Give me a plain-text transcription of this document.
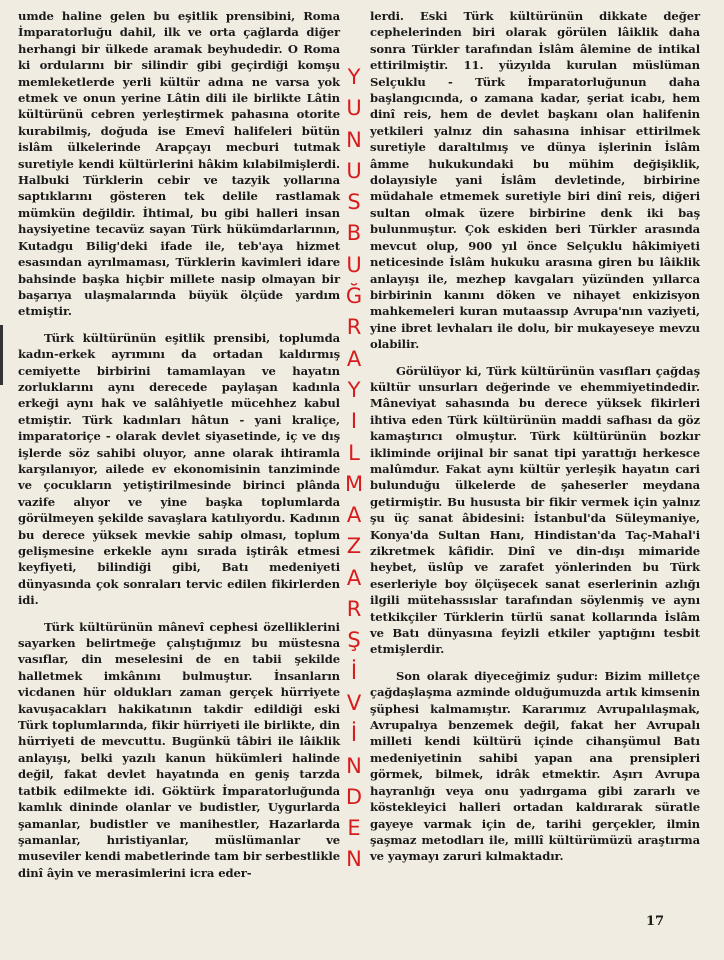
umde haline gelen bu eşitlik prensibini, Roma İmparatorluğu dahil, ilk ve orta çağlarda diğer herhangi bir ülkede aramak beyhudedir. O Roma ki ordularını bir silindir gibi geçirdiği komşu memleketlerde yerli kültür adına ne varsa yok etmek ve onun yerine Lâtin dili ile birlikte Lâtin kültürünü cebren yerleştirmek pahasına otorite kurabilmiş, doğuda ise Emevî halifeleri bütün islâm ülkelerinde Arapçayı mecburi tutmak suretiyle kendi kültürlerini hâkim kılabilmişlerdi. Halbuki Türklerin cebir ve tazyik yollarına saptıklarını gösteren tek delile rastlamak mümkün değildir. İhtimal, bu gibi halleri insan haysiyetine tecavüz sayan Türk hükümdarlarının, Kutadgu Bilig'deki ifade ile, teb'aya hizmet esasından ayrılmaması, Türklerin kavimleri idare bahsinde başka hiçbir millete nasip olmayan bir başarıya ulaşmalarında büyük ölçüde yardım etmiştir.

Türk kültürünün eşitlik prensibi, toplumda kadın-erkek ayrımını da ortadan kaldırmış cemiyette birbirini tamamlayan ve hayatın zorluklarını aynı derecede paylaşan kadınla erkeği aynı hak ve salâhiyetle mücehhez kabul etmiştir. Türk kadınları hâtun - yani kraliçe, imparatoriçe - olarak devlet siyasetinde, iç ve dış işlerde söz sahibi oluyor, anne olarak ihtiramla karşılanıyor, ailede ev ekonomisinin tanziminde ve çocukların yetiştirilmesinde birinci plânda vazife alıyor ve yine başka toplumlarda görülmeyen şekilde savaşlara katılıyordu. Kadının bu derece yüksek mevkie sahip olması, toplum gelişmesine erkekle aynı sırada iştirâk etmesi keyfiyeti, bilindiği gibi, Batı medeniyeti dünyasında çok sonraları tervic edilen fikirlerden idi.

Türk kültürünün mânevî cephesi özelliklerini sayarken belirtmeğe çalıştığımız bu müstesna vasıflar, din meselesini de en tabii şekilde halletmek imkânını bulmuştur. İnsanların vicdanen hür oldukları zaman gerçek hürriyete kavuşacakları hakikatının takdir edildiği eski Türk toplumlarında, fikir hürriyeti ile birlikte, din hürriyeti de mevcuttu. Bugünkü tâbiri ile lâiklik anlayışı, belki yazılı kanun hükümleri halinde değil, fakat devlet hayatında en geniş tarzda tatbik edilmekte idi. Göktürk İmparatorluğunda kamlık dininde olanlar ve budistler, Uygurlarda şamanlar, budistler ve manihestler, Hazarlarda şamanlar, hıristiyanlar, müslümanlar ve museviler kendi mabetlerinde tam bir serbestlikle dinî âyin ve merasimlerini icra eder-

Y
U
N
U
S
B
U
Ğ
R
A
Y
I
L
M
A
Z
A
R
Ş
İ
V
İ
N
D
E
N

lerdi. Eski Türk kültürünün dikkate değer cephelerinden biri olarak görülen lâiklik daha sonra Türkler tarafından İslâm âlemine de intikal ettirilmiştir. 11. yüzyılda kurulan müslüman Selçuklu - Türk İmparatorluğunun daha başlangıcında, o zamana kadar, şeriat icabı, hem dinî reis, hem de devlet başkanı olan halifenin yetkileri yalnız din sahasına inhisar ettirilmek suretiyle daraltılmış ve dünya işlerinin İslâm âmme hukukundaki bu mühim değişiklik, dolayısiyle yani İslâm devletinde, birbirine müdahale etmemek suretiyle biri dinî reis, diğeri sultan olmak üzere birbirine denk iki baş bulunmuştur. Çok eskiden beri Türkler arasında mevcut olup, 900 yıl önce Selçuklu hâkimiyeti neticesinde İslâm hukuku arasına giren bu lâiklik anlayışı ile, mezhep kavgaları yüzünden yıllarca birbirinin kanını döken ve nihayet enkizisyon mahkemeleri kuran mutaassıp Avrupa'nın vaziyeti, yine ibret levhaları ile dolu, bir mukayeseye mevzu olabilir.

Görülüyor ki, Türk kültürünün vasıfları çağdaş kültür unsurları değerinde ve ehemmiyetindedir. Mâneviyat sahasında bu derece yüksek fikirleri ihtiva eden Türk kültürünün maddi safhası da göz kamaştırıcı olmuştur. Türk kültürünün bozkır ikliminde orijinal bir sanat tipi yarattığı herkesce malûmdur. Fakat aynı kültür yerleşik hayatın cari bulunduğu ülkelerde de şaheserler meydana getirmiştir. Bu hususta bir fikir vermek için yalnız şu üç sanat âbidesini: İstanbul'da Süleymaniye, Konya'da Sultan Hanı, Hindistan'da Taç-Mahal'i zikretmek kâfidir. Dinî ve din-dışı mimaride heybet, üslûp ve zarafet yönlerinden bu Türk eserleriyle boy ölçüşecek sanat eserlerinin azlığı ilgili mütehassıslar tarafından söylenmiş ve aynı tetkikçiler Türklerin türlü sanat kollarında İslâm ve Batı dünyasına feyizli etkiler yaptığını tesbit etmişlerdir.

Son olarak diyeceğimiz şudur: Bizim milletçe çağdaşlaşma azminde olduğumuzda artık kimsenin şüphesi kalmamıştır. Kararımız Avrupalılaşmak, Avrupalıya benzemek değil, fakat her Avrupalı milleti kendi kültürü içinde cihanşümul Batı medeniyetinin sahibi yapan ana prensipleri görmek, bilmek, idrâk etmektir. Aşırı Avrupa hayranlığı veya onu yadırgama gibi zararlı ve köstekleyici halleri ortadan kaldırarak süratle gayeye varmak için de, tarihi gerçekler, ilmin şaşmaz metodları ile, millî kültürümüzü araştırma ve yaymayı zaruri kılmaktadır.

17
